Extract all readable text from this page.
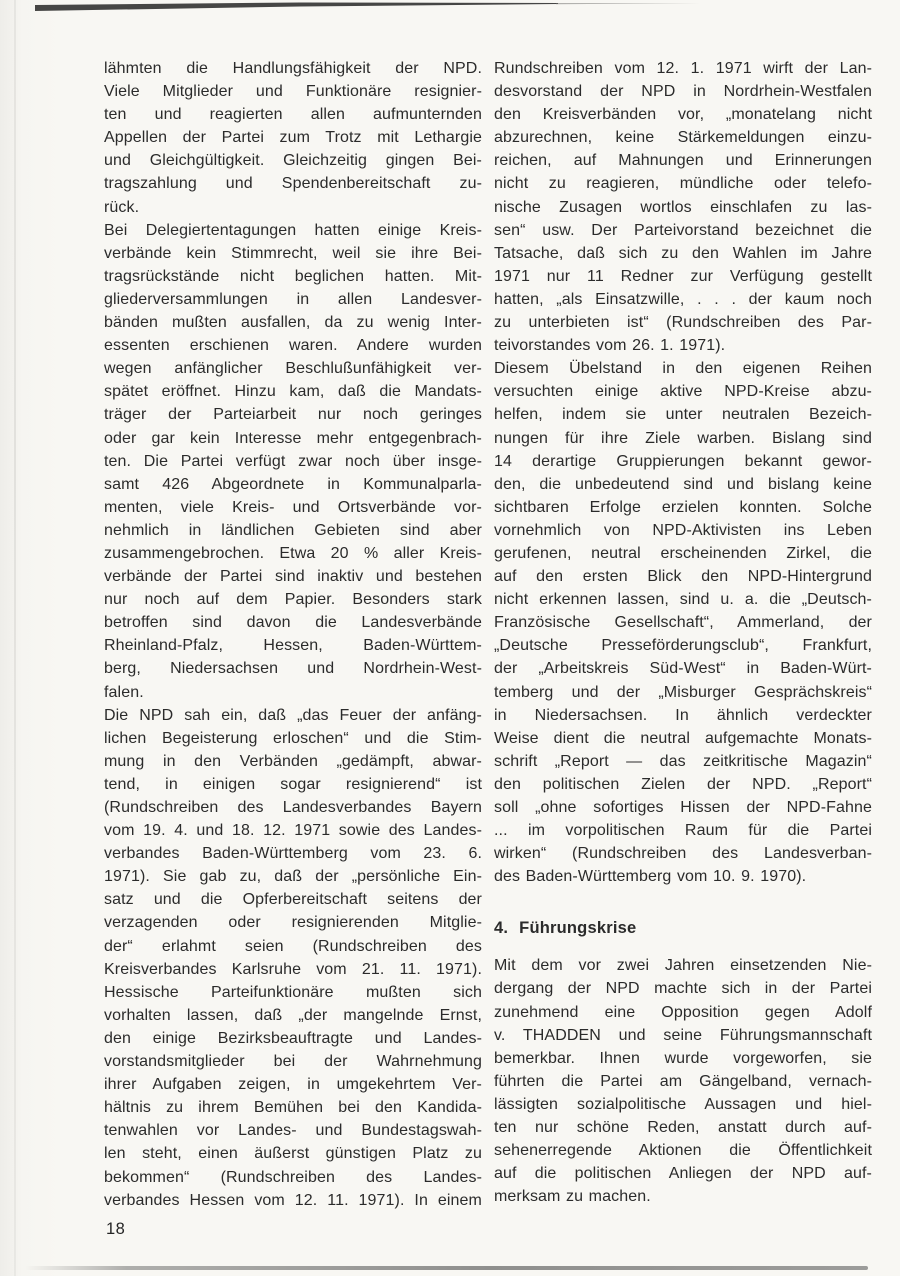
lähmten die Handlungsfähigkeit der NPD.
Viele Mitglieder und Funktionäre resignier-
ten und reagierten allen aufmunternden
Appellen der Partei zum Trotz mit Lethargie
und Gleichgültigkeit. Gleichzeitig gingen Bei-
tragszahlung und Spendenbereitschaft zu-
rück.
Bei Delegiertentagungen hatten einige Kreis-
verbände kein Stimmrecht, weil sie ihre Bei-
tragsrückstände nicht beglichen hatten. Mit-
gliederversammlungen in allen Landesver-
bänden mußten ausfallen, da zu wenig Inter-
essenten erschienen waren. Andere wurden
wegen anfänglicher Beschlußunfähigkeit ver-
spätet eröffnet. Hinzu kam, daß die Mandats-
träger der Parteiarbeit nur noch geringes
oder gar kein Interesse mehr entgegenbrach-
ten. Die Partei verfügt zwar noch über insge-
samt 426 Abgeordnete in Kommunalparla-
menten, viele Kreis- und Ortsverbände vor-
nehmlich in ländlichen Gebieten sind aber
zusammengebrochen. Etwa 20 % aller Kreis-
verbände der Partei sind inaktiv und bestehen
nur noch auf dem Papier. Besonders stark
betroffen sind davon die Landesverbände
Rheinland-Pfalz, Hessen, Baden-Württem-
berg, Niedersachsen und Nordrhein-West-
falen.
Die NPD sah ein, daß „das Feuer der anfäng-
lichen Begeisterung erloschen“ und die Stim-
mung in den Verbänden „gedämpft, abwar-
tend, in einigen sogar resignierend“ ist
(Rundschreiben des Landesverbandes Bayern
vom 19. 4. und 18. 12. 1971 sowie des Landes-
verbandes Baden-Württemberg vom 23. 6.
1971). Sie gab zu, daß der „persönliche Ein-
satz und die Opferbereitschaft seitens der
verzagenden oder resignierenden Mitglie-
der“ erlahmt seien (Rundschreiben des
Kreisverbandes Karlsruhe vom 21. 11. 1971).
Hessische Parteifunktionäre mußten sich
vorhalten lassen, daß „der mangelnde Ernst,
den einige Bezirksbeauftragte und Landes-
vorstandsmitglieder bei der Wahrnehmung
ihrer Aufgaben zeigen, in umgekehrtem Ver-
hältnis zu ihrem Bemühen bei den Kandida-
tenwahlen vor Landes- und Bundestagswah-
len steht, einen äußerst günstigen Platz zu
bekommen“ (Rundschreiben des Landes-
verbandes Hessen vom 12. 11. 1971). In einem
Rundschreiben vom 12. 1. 1971 wirft der Lan-
desvorstand der NPD in Nordrhein-Westfalen
den Kreisverbänden vor, „monatelang nicht
abzurechnen, keine Stärkemeldungen einzu-
reichen, auf Mahnungen und Erinnerungen
nicht zu reagieren, mündliche oder telefo-
nische Zusagen wortlos einschlafen zu las-
sen“ usw. Der Parteivorstand bezeichnet die
Tatsache, daß sich zu den Wahlen im Jahre
1971 nur 11 Redner zur Verfügung gestellt
hatten, „als Einsatzwille, . . . der kaum noch
zu unterbieten ist“ (Rundschreiben des Par-
teivorstandes vom 26. 1. 1971).
Diesem Übelstand in den eigenen Reihen
versuchten einige aktive NPD-Kreise abzu-
helfen, indem sie unter neutralen Bezeich-
nungen für ihre Ziele warben. Bislang sind
14 derartige Gruppierungen bekannt gewor-
den, die unbedeutend sind und bislang keine
sichtbaren Erfolge erzielen konnten. Solche
vornehmlich von NPD-Aktivisten ins Leben
gerufenen, neutral erscheinenden Zirkel, die
auf den ersten Blick den NPD-Hintergrund
nicht erkennen lassen, sind u. a. die „Deutsch-
Französische Gesellschaft“, Ammerland, der
„Deutsche Presseförderungsclub“, Frankfurt,
der „Arbeitskreis Süd-West“ in Baden-Würt-
temberg und der „Misburger Gesprächskreis“
in Niedersachsen. In ähnlich verdeckter
Weise dient die neutral aufgemachte Monats-
schrift „Report — das zeitkritische Magazin“
den politischen Zielen der NPD. „Report“
soll „ohne sofortiges Hissen der NPD-Fahne
... im vorpolitischen Raum für die Partei
wirken“ (Rundschreiben des Landesverban-
des Baden-Württemberg vom 10. 9. 1970).
4. Führungskrise
Mit dem vor zwei Jahren einsetzenden Nie-
dergang der NPD machte sich in der Partei
zunehmend eine Opposition gegen Adolf
v. THADDEN und seine Führungsmannschaft
bemerkbar. Ihnen wurde vorgeworfen, sie
führten die Partei am Gängelband, vernach-
lässigten sozialpolitische Aussagen und hiel-
ten nur schöne Reden, anstatt durch auf-
sehenerregende Aktionen die Öffentlichkeit
auf die politischen Anliegen der NPD auf-
merksam zu machen.
18
